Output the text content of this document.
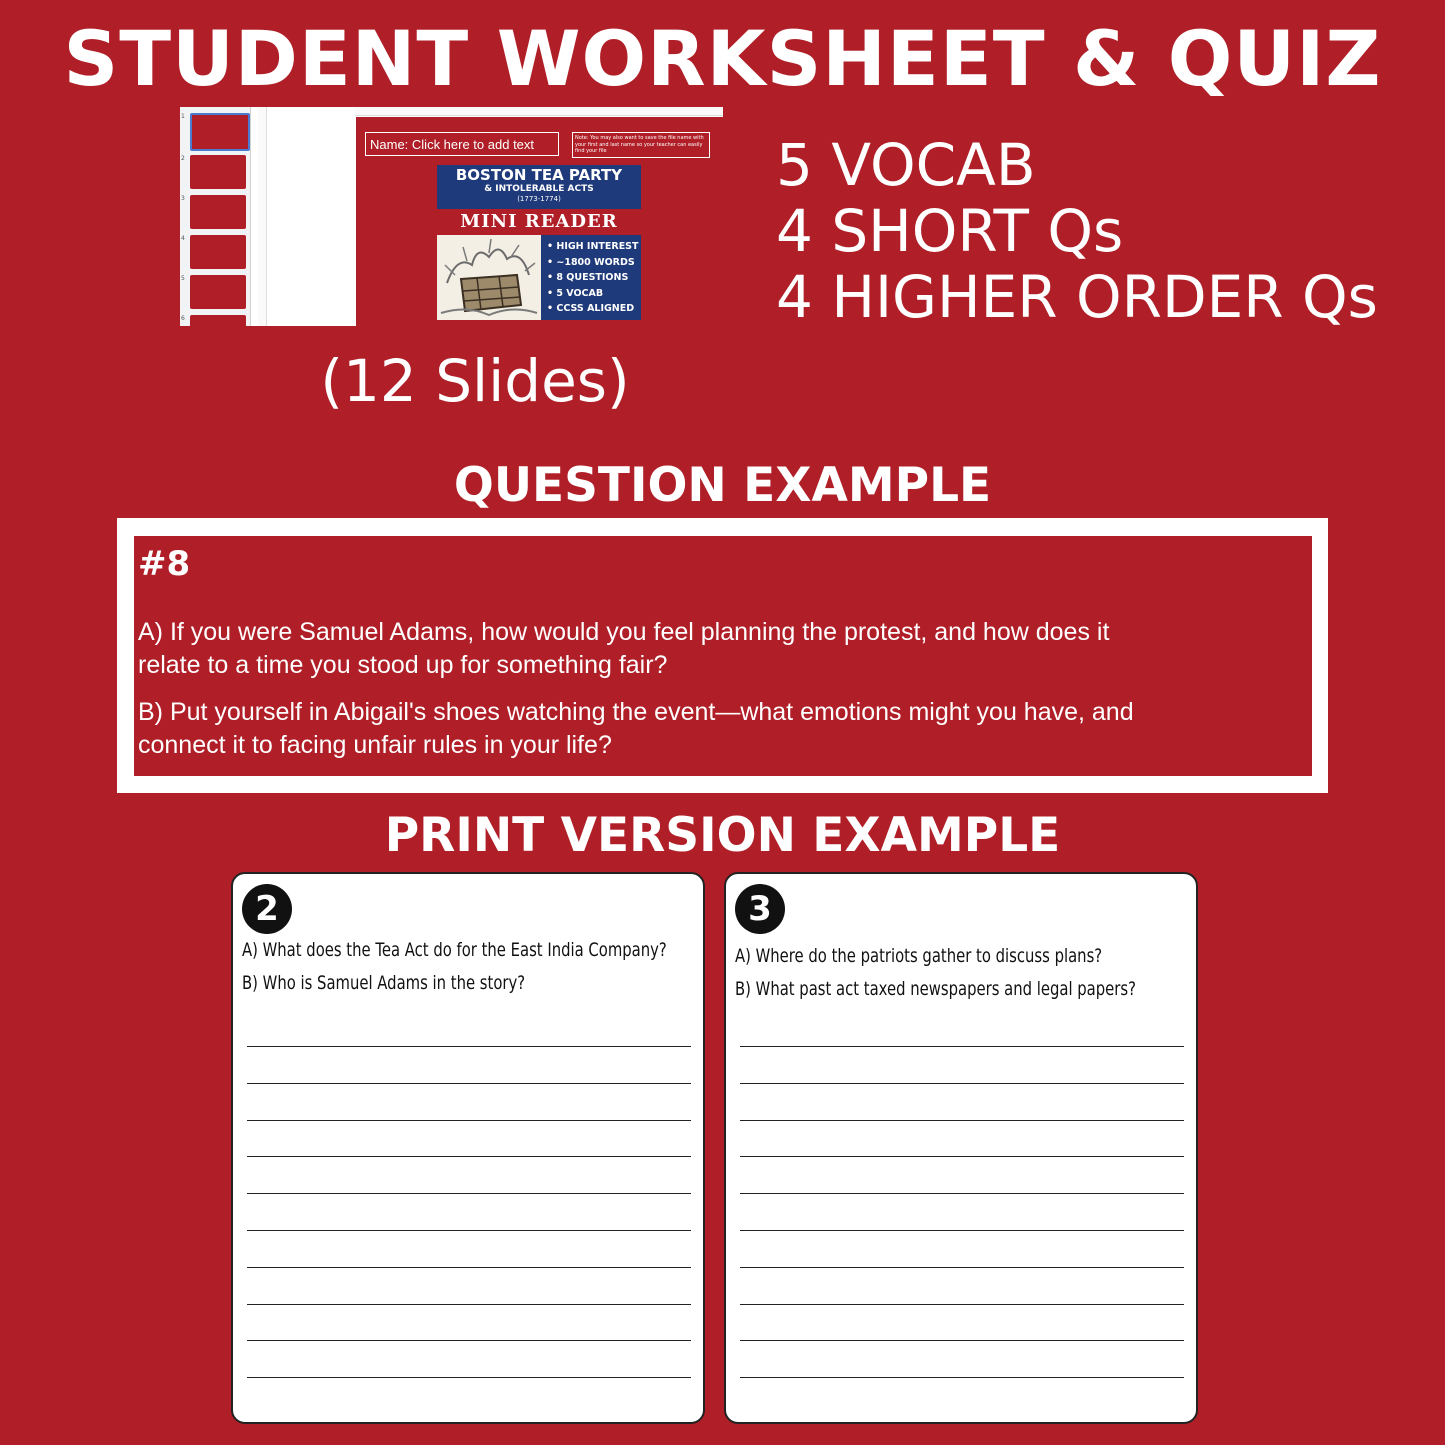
STUDENT WORKSHEET & QUIZ
1
2
3
4
5
6
Name: Click here to add text	Note: You may also want to save the file name with your first and last name so your teacher can easily find your file
BOSTON TEA PARTY
& INTOLERABLE ACTS
(1773-1774)
MINI READER
• HIGH INTEREST
• ~1800 WORDS
• 8 QUESTIONS
• 5 VOCAB
• CCSS ALIGNED
5 VOCAB
4 SHORT Qs
4 HIGHER ORDER Qs
(12 Slides)
QUESTION EXAMPLE
#8
A) If you were Samuel Adams, how would you feel planning the protest, and how does it
relate to a time you stood up for something fair?
B) Put yourself in Abigail's shoes watching the event—what emotions might you have, and
connect it to facing unfair rules in your life?
PRINT VERSION EXAMPLE
2
A) What does the Tea Act do for the East India Company?
B) Who is Samuel Adams in the story?
3
A) Where do the patriots gather to discuss plans?
B) What past act taxed newspapers and legal papers?
